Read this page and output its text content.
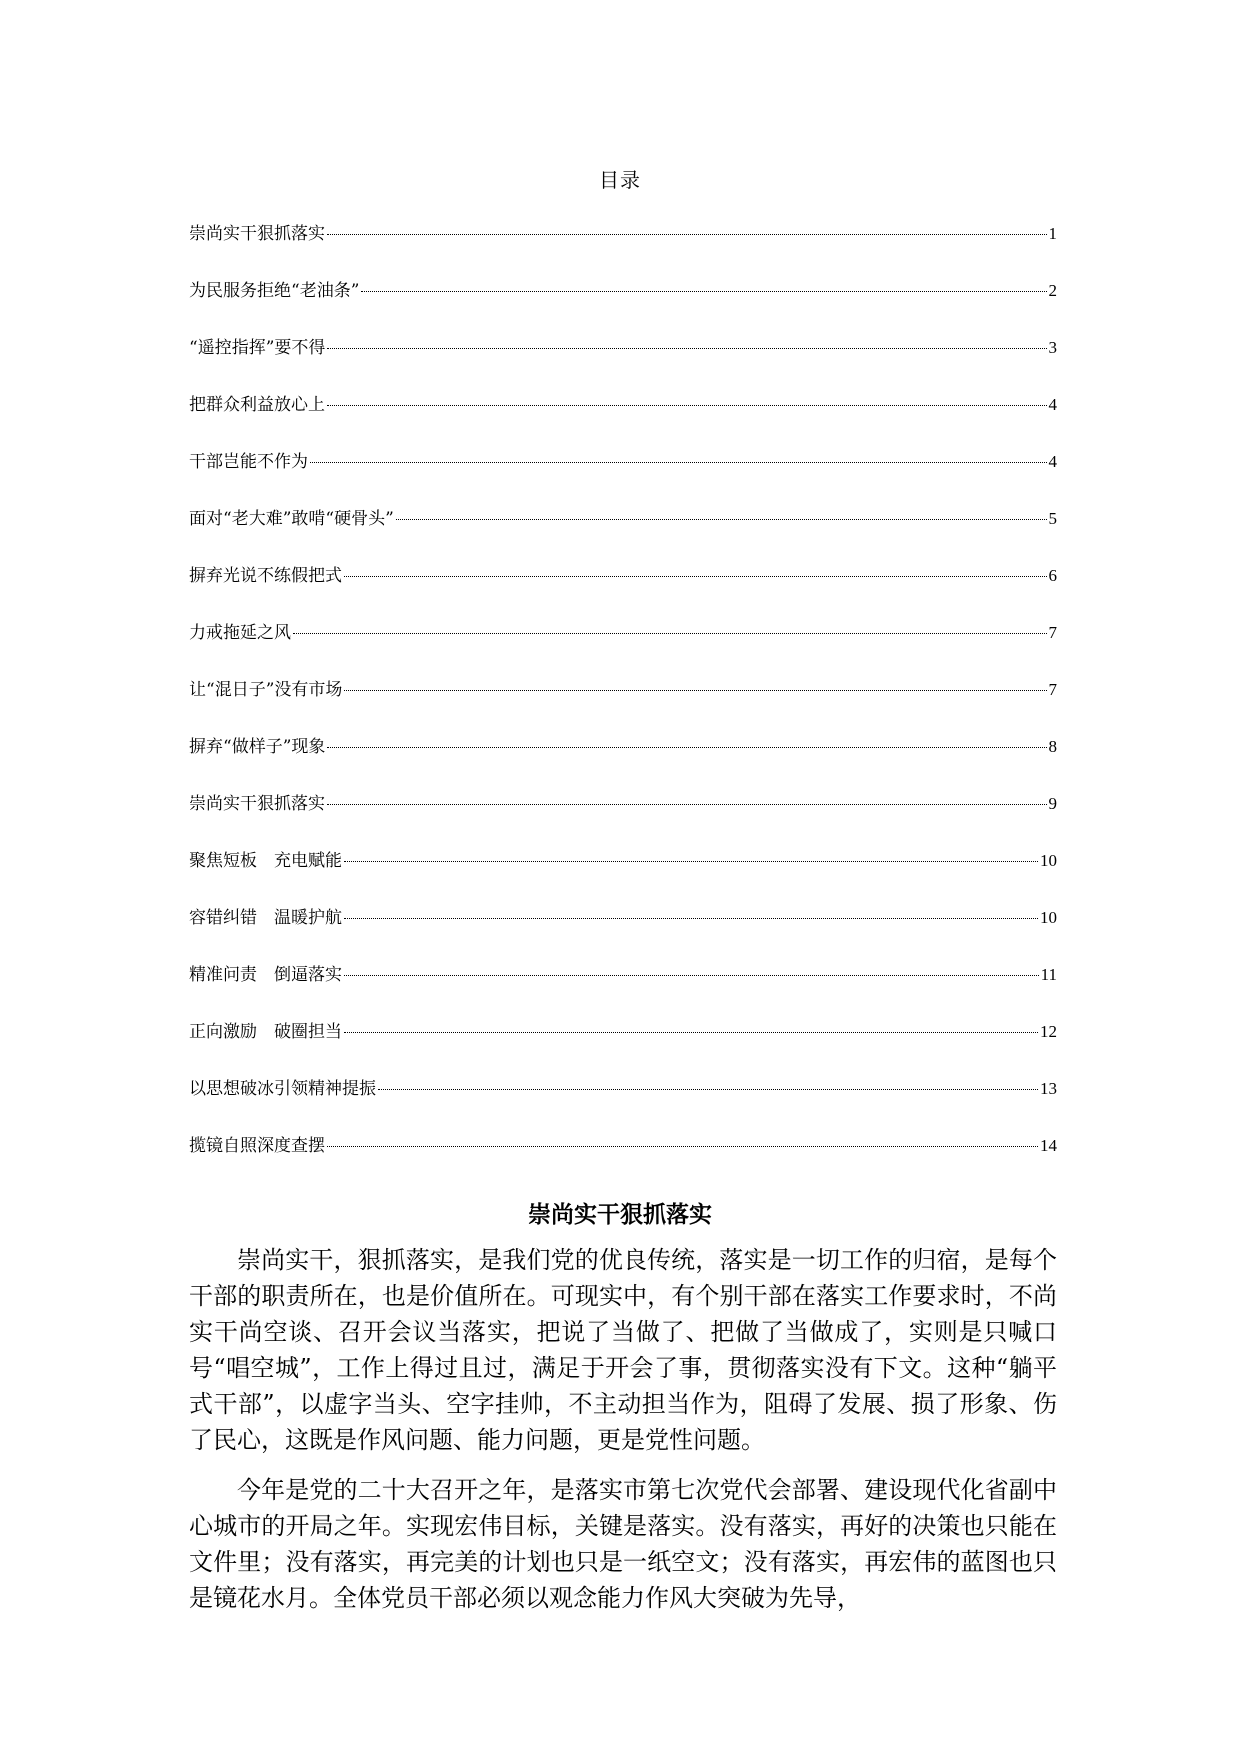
目录
崇尚实干狠抓落实	1
为民服务拒绝“老油条”	2
“遥控指挥”要不得	3
把群众利益放心上	4
干部岂能不作为	4
面对“老大难”敢啃“硬骨头”	5
摒弃光说不练假把式	6
力戒拖延之风	7
让“混日子”没有市场	7
摒弃“做样子”现象	8
崇尚实干狠抓落实	9
聚焦短板　充电赋能	10
容错纠错　温暖护航	10
精准问责　倒逼落实	11
正向激励　破圈担当	12
以思想破冰引领精神提振	13
揽镜自照深度查摆	14
崇尚实干狠抓落实

崇尚实干，狠抓落实，是我们党的优良传统，落实是一切工作的归宿，是每个干部的职责所在，也是价值所在。可现实中，有个别干部在落实工作要求时，不尚实干尚空谈、召开会议当落实，把说了当做了、把做了当做成了，实则是只喊口号“唱空城”，工作上得过且过，满足于开会了事，贯彻落实没有下文。这种“躺平式干部”，以虚字当头、空字挂帅，不主动担当作为，阻碍了发展、损了形象、伤了民心，这既是作风问题、能力问题，更是党性问题。

今年是党的二十大召开之年，是落实市第七次党代会部署、建设现代化省副中心城市的开局之年。实现宏伟目标，关键是落实。没有落实，再好的决策也只能在文件里；没有落实，再完美的计划也只是一纸空文；没有落实，再宏伟的蓝图也只是镜花水月。全体党员干部必须以观念能力作风大突破为先导，
